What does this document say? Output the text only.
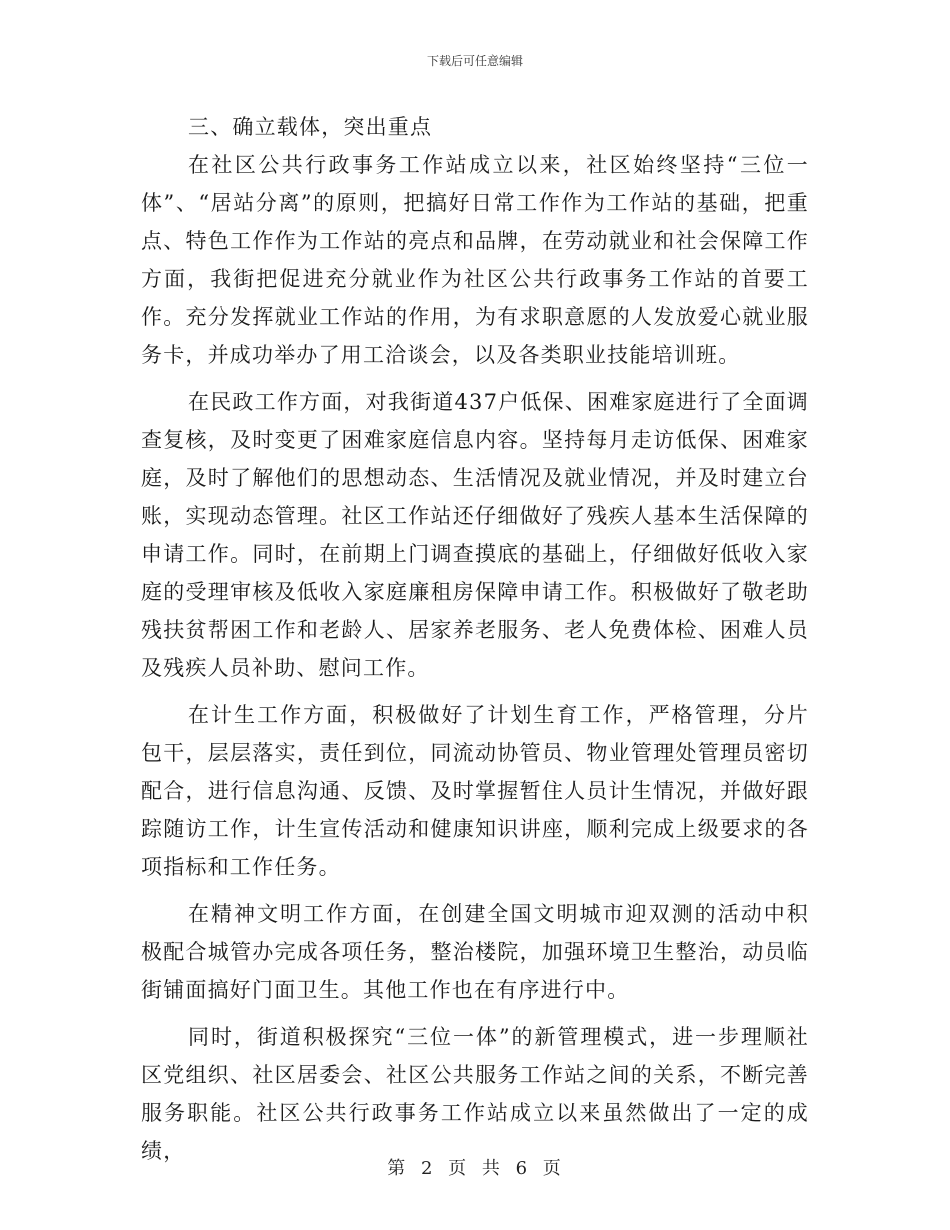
下载后可任意编辑
三、确立载体，突出重点

在社区公共行政事务工作站成立以来，社区始终坚持“三位一体”、“居站分离”的原则，把搞好日常工作作为工作站的基础，把重点、特色工作作为工作站的亮点和品牌，在劳动就业和社会保障工作方面，我街把促进充分就业作为社区公共行政事务工作站的首要工作。充分发挥就业工作站的作用，为有求职意愿的人发放爱心就业服务卡，并成功举办了用工洽谈会，以及各类职业技能培训班。

在民政工作方面，对我街道437户低保、困难家庭进行了全面调查复核，及时变更了困难家庭信息内容。坚持每月走访低保、困难家庭，及时了解他们的思想动态、生活情况及就业情况，并及时建立台账，实现动态管理。社区工作站还仔细做好了残疾人基本生活保障的申请工作。同时，在前期上门调查摸底的基础上，仔细做好低收入家庭的受理审核及低收入家庭廉租房保障申请工作。积极做好了敬老助残扶贫帮困工作和老龄人、居家养老服务、老人免费体检、困难人员及残疾人员补助、慰问工作。

在计生工作方面，积极做好了计划生育工作，严格管理，分片包干，层层落实，责任到位，同流动协管员、物业管理处管理员密切配合，进行信息沟通、反馈、及时掌握暂住人员计生情况，并做好跟踪随访工作，计生宣传活动和健康知识讲座，顺利完成上级要求的各项指标和工作任务。

在精神文明工作方面，在创建全国文明城市迎双测的活动中积极配合城管办完成各项任务，整治楼院，加强环境卫生整治，动员临街铺面搞好门面卫生。其他工作也在有序进行中。

同时，街道积极探究“三位一体”的新管理模式，进一步理顺社区党组织、社区居委会、社区公共服务工作站之间的关系，不断完善服务职能。社区公共行政事务工作站成立以来虽然做出了一定的成绩，

第 2 页 共 6 页
